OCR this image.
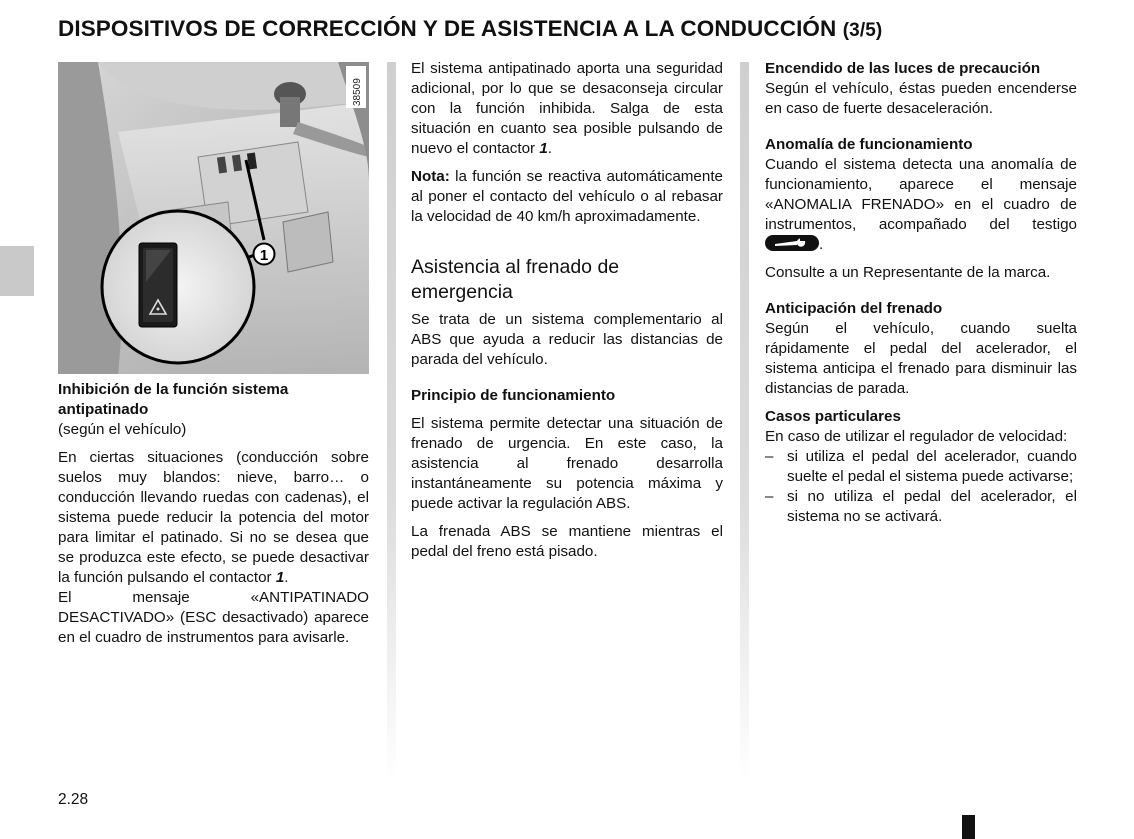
DISPOSITIVOS DE CORRECCIÓN Y DE ASISTENCIA A LA CONDUCCIÓN (3/5)
1
38509
Inhibición de la función sistema antipatinado

(según el vehículo)

En ciertas situaciones (conducción sobre suelos muy blandos: nieve, barro… o conducción llevando ruedas con cadenas), el sistema puede reducir la potencia del motor para limitar el patinado. Si no se desea que se produzca este efecto, se puede desactivar la función pulsando el contactor 1.

El mensaje «ANTIPATINADO DESACTIVADO» (ESC desactivado) aparece en el cuadro de instrumentos para avisarle.

El sistema antipatinado aporta una seguridad adicional, por lo que se desaconseja circular con la función inhibida. Salga de esta situación en cuanto sea posible pulsando de nuevo el contactor 1.

Nota: la función se reactiva automáticamente al poner el contacto del vehículo o al rebasar la velocidad de 40 km/h aproximadamente.

Asistencia al frenado de emergencia

Se trata de un sistema complementario al ABS que ayuda a reducir las distancias de parada del vehículo.

Principio de funcionamiento

El sistema permite detectar una situación de frenado de urgencia. En este caso, la asistencia al frenado desarrolla instantáneamente su potencia máxima y puede activar la regulación ABS.

La frenada ABS se mantiene mientras el pedal del freno está pisado.

Encendido de las luces de precaución

Según el vehículo, éstas pueden encenderse en caso de fuerte desaceleración.

Anomalía de funcionamiento

Cuando el sistema detecta una anomalía de funcionamiento, aparece el mensaje «ANOMALIA FRENADO» en el cuadro de instrumentos, acompañado del testigo .

Consulte a un Representante de la marca.

Anticipación del frenado

Según el vehículo, cuando suelta rápidamente el pedal del acelerador, el sistema anticipa el frenado para disminuir las distancias de parada.

Casos particulares

En caso de utilizar el regulador de velocidad:

– si utiliza el pedal del acelerador, cuando suelte el pedal el sistema puede activarse;
– si no utiliza el pedal del acelerador, el sistema no se activará.
2.28
